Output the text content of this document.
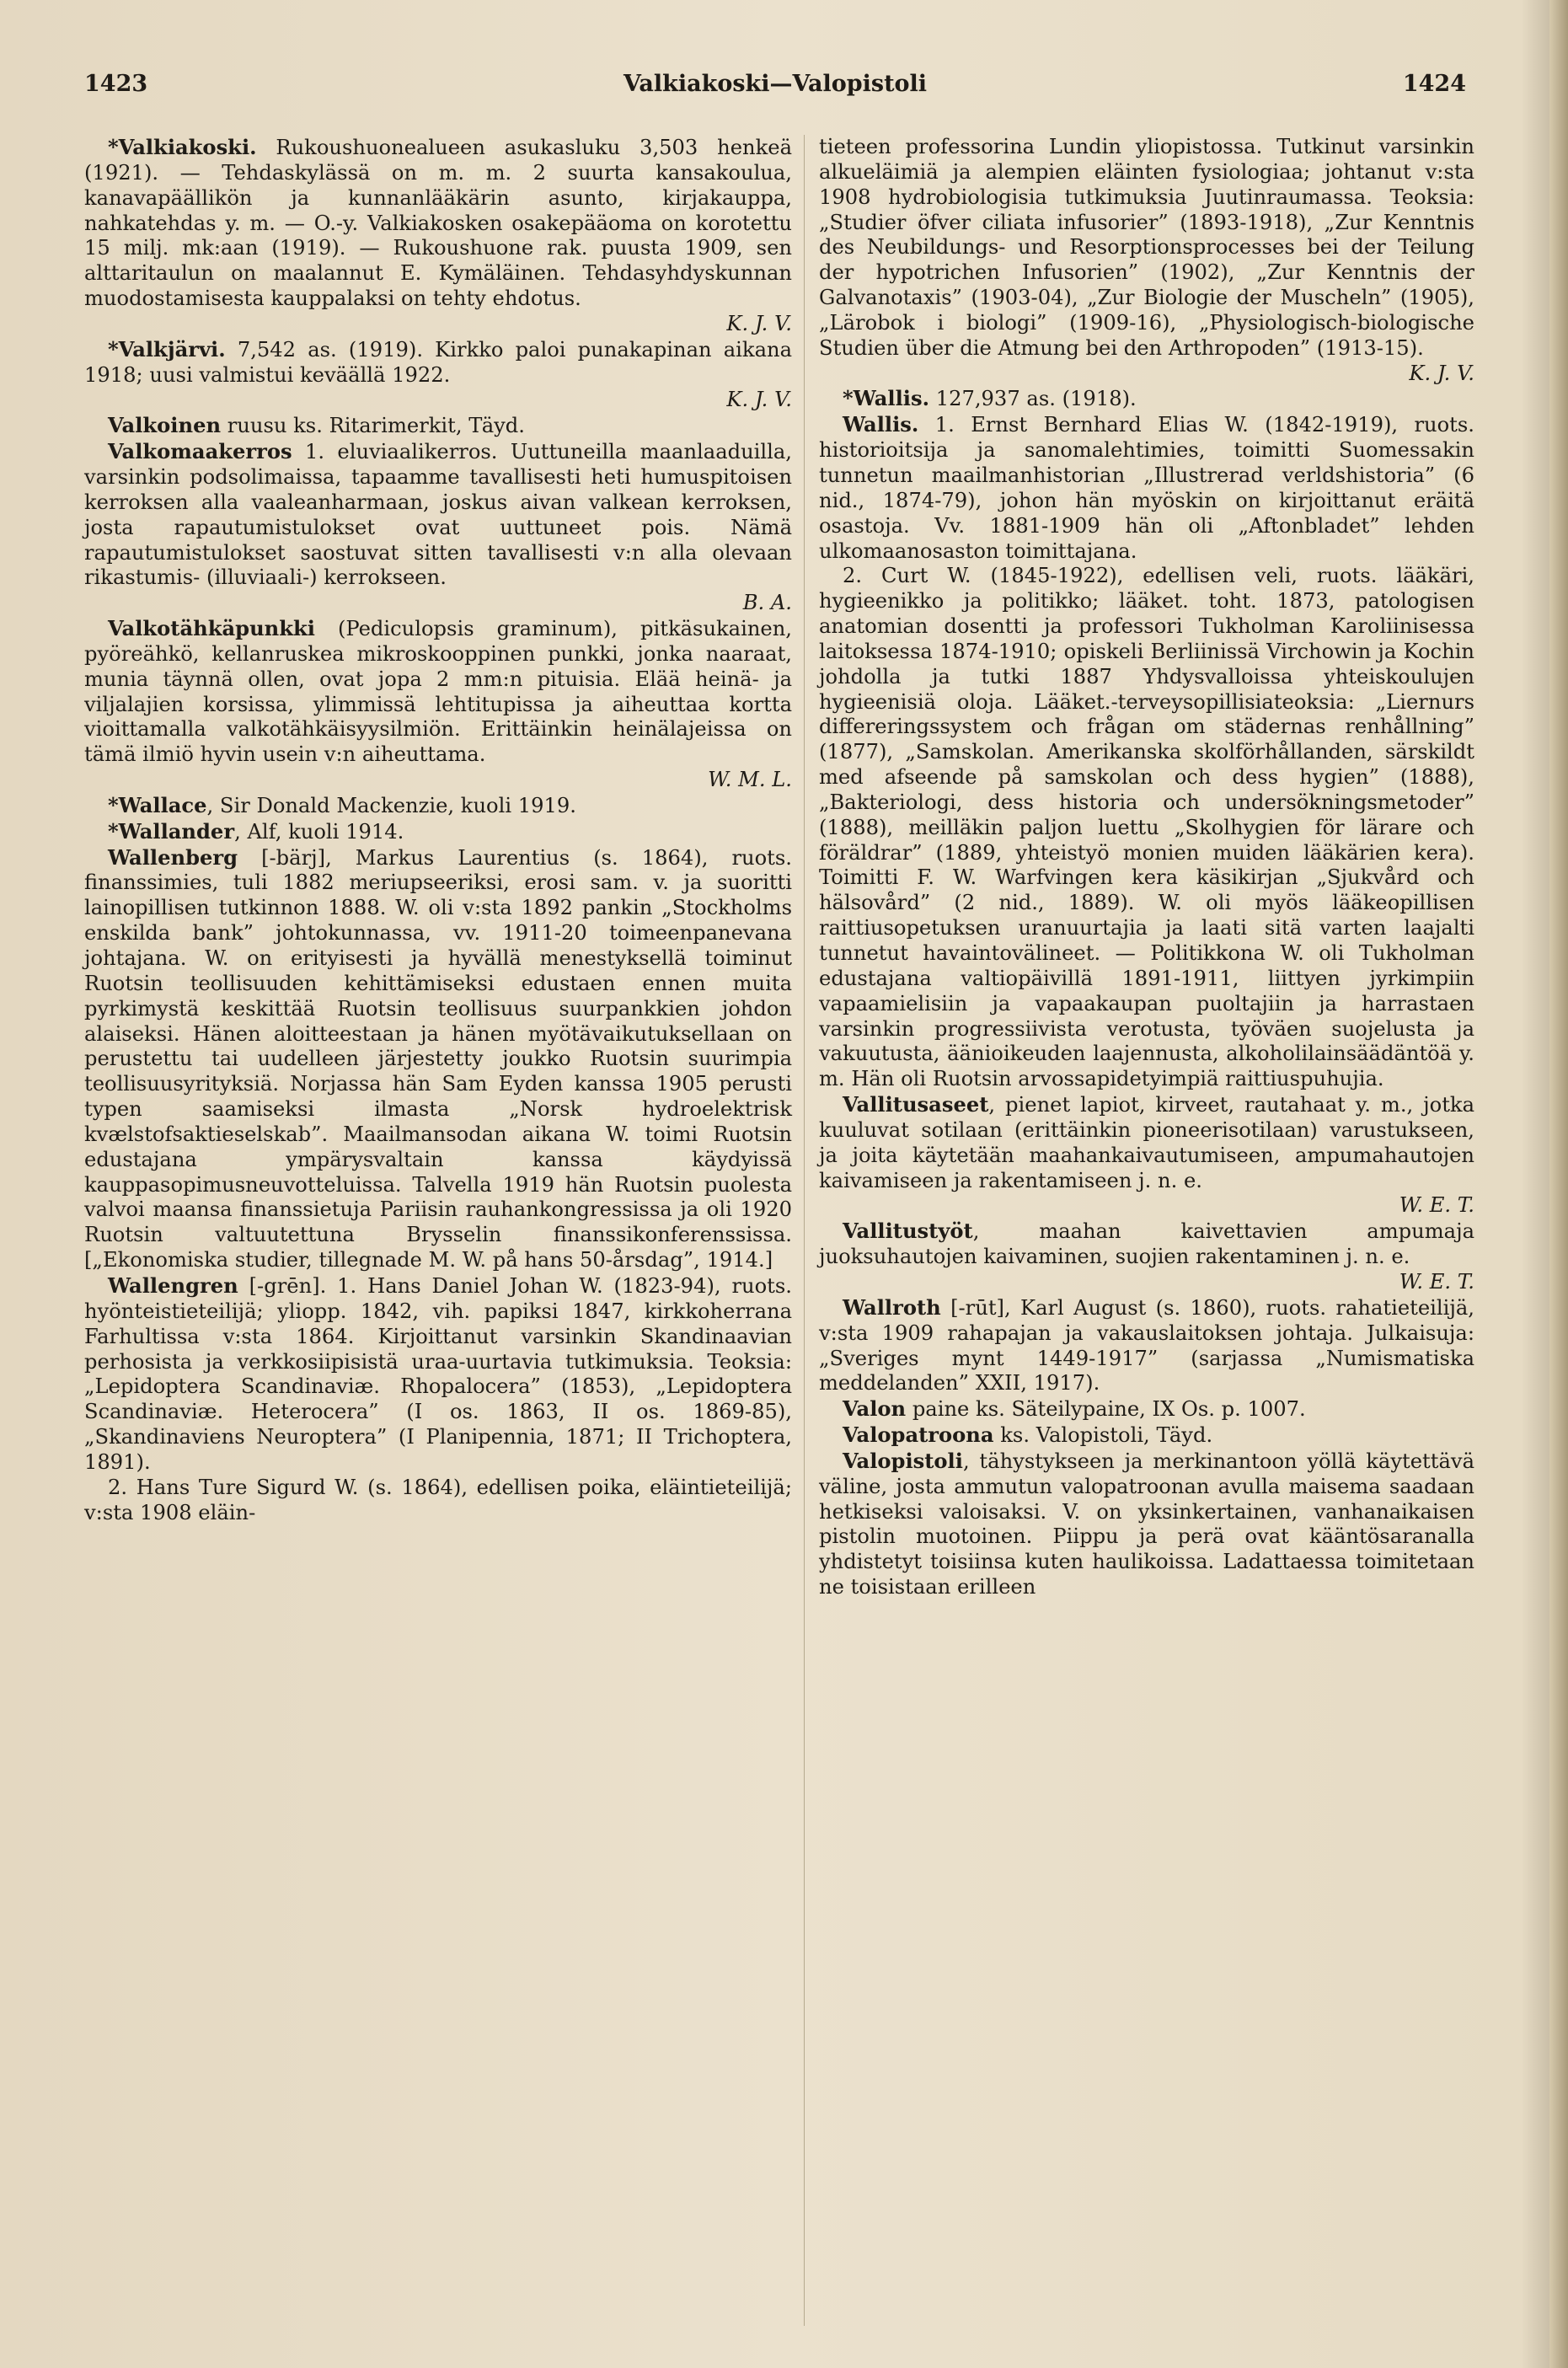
1423	Valkiakoski—Valopistoli	1424

*Valkiakoski. Rukoushuonealueen asukasluku 3,503 henkeä (1921). — Tehdaskylässä on m. m. 2 suurta kansakoulua, kanavapäällikön ja kunnanlääkärin asunto, kirjakauppa, nahkatehdas y. m. — O.-y. Valkiakosken osakepääoma on korotettu 15 milj. mk:aan (1919). — Rukoushuone rak. puusta 1909, sen alttaritaulun on maalannut E. Kymäläinen. Tehdasyhdyskunnan muodostamisesta kauppalaksi on tehty ehdotus.
K. J. V.

*Valkjärvi. 7,542 as. (1919). Kirkko paloi punakapinan aikana 1918; uusi valmistui keväällä 1922.
K. J. V.

Valkoinen ruusu ks. Ritarimerkit, Täyd.

Valkomaakerros 1. eluviaalikerros. Uuttuneilla maanlaaduilla, varsinkin podsolimaissa, tapaamme tavallisesti heti humuspitoisen kerroksen alla vaaleanharmaan, joskus aivan valkean kerroksen, josta rapautumistulokset ovat uuttuneet pois. Nämä rapautumistulokset saostuvat sitten tavallisesti v:n alla olevaan rikastumis- (illuviaali-) kerrokseen.
B. A.

Valkotähkäpunkki (Pediculopsis graminum), pitkäsukainen, pyöreähkö, kellanruskea mikroskooppinen punkki, jonka naaraat, munia täynnä ollen, ovat jopa 2 mm:n pituisia. Elää heinä- ja viljalajien korsissa, ylimmissä lehtitupissa ja aiheuttaa kortta vioittamalla valkotähkäisyysilmiön. Erittäinkin heinälajeissa on tämä ilmiö hyvin usein v:n aiheuttama.
W. M. L.

*Wallace, Sir Donald Mackenzie, kuoli 1919.

*Wallander, Alf, kuoli 1914.

Wallenberg [-bärj], Markus Laurentius (s. 1864), ruots. finanssimies, tuli 1882 meriupseeriksi, erosi sam. v. ja suoritti lainopillisen tutkinnon 1888. W. oli v:sta 1892 pankin „Stockholms enskilda bank” johtokunnassa, vv. 1911-20 toimeenpanevana johtajana. W. on erityisesti ja hyvällä menestyksellä toiminut Ruotsin teollisuuden kehittämiseksi edustaen ennen muita pyrkimystä keskittää Ruotsin teollisuus suurpankkien johdon alaiseksi. Hänen aloitteestaan ja hänen myötävaikutuksellaan on perustettu tai uudelleen järjestetty joukko Ruotsin suurimpia teollisuusyrityksiä. Norjassa hän Sam Eyden kanssa 1905 perusti typen saamiseksi ilmasta „Norsk hydroelektrisk kvælstofsaktieselskab”. Maailmansodan aikana W. toimi Ruotsin edustajana ympärysvaltain kanssa käydyissä kauppasopimusneuvotteluissa. Talvella 1919 hän Ruotsin puolesta valvoi maansa finanssietuja Pariisin rauhankongressissa ja oli 1920 Ruotsin valtuutettuna Brysselin finanssikonferenssissa. [„Ekonomiska studier, tillegnade M. W. på hans 50-årsdag”, 1914.]

Wallengren [-grēn]. 1. Hans Daniel Johan W. (1823-94), ruots. hyönteistieteilijä; yliopp. 1842, vih. papiksi 1847, kirkkoherrana Farhultissa v:sta 1864. Kirjoittanut varsinkin Skandinaavian perhosista ja verkkosiipisistä uraa-uurtavia tutkimuksia. Teoksia: „Lepidoptera Scandinaviæ. Rhopalocera” (1853), „Lepidoptera Scandinaviæ. Heterocera” (I os. 1863, II os. 1869-85), „Skandinaviens Neuroptera” (I Planipennia, 1871; II Trichoptera, 1891).

2. Hans Ture Sigurd W. (s. 1864), edellisen poika, eläintieteilijä; v:sta 1908 eläin-

tieteen professorina Lundin yliopistossa. Tutkinut varsinkin alkueläimiä ja alempien eläinten fysiologiaa; johtanut v:sta 1908 hydrobiologisia tutkimuksia Juutinraumassa. Teoksia: „Studier öfver ciliata infusorier” (1893-1918), „Zur Kenntnis des Neubildungs- und Resorptionsprocesses bei der Teilung der hypotrichen Infusorien” (1902), „Zur Kenntnis der Galvanotaxis” (1903-04), „Zur Biologie der Muscheln” (1905), „Lärobok i biologi” (1909-16), „Physiologisch-biologische Studien über die Atmung bei den Arthropoden” (1913-15).
K. J. V.

*Wallis. 127,937 as. (1918).

Wallis. 1. Ernst Bernhard Elias W. (1842-1919), ruots. historioitsija ja sanomalehtimies, toimitti Suomessakin tunnetun maailmanhistorian „Illustrerad verldshistoria” (6 nid., 1874-79), johon hän myöskin on kirjoittanut eräitä osastoja. Vv. 1881-1909 hän oli „Aftonbladet” lehden ulkomaanosaston toimittajana.

2. Curt W. (1845-1922), edellisen veli, ruots. lääkäri, hygieenikko ja politikko; lääket. toht. 1873, patologisen anatomian dosentti ja professori Tukholman Karoliinisessa laitoksessa 1874-1910; opiskeli Berliinissä Virchowin ja Kochin johdolla ja tutki 1887 Yhdysvalloissa yhteiskoulujen hygieenisiä oloja. Lääket.-terveysopillisiateoksia: „Liernurs differeringssystem och frågan om städernas renhållning” (1877), „Samskolan. Amerikanska skolförhållanden, särskildt med afseende på samskolan och dess hygien” (1888), „Bakteriologi, dess historia och undersökningsmetoder” (1888), meilläkin paljon luettu „Skolhygien för lärare och föräldrar” (1889, yhteistyö monien muiden lääkärien kera). Toimitti F. W. Warfvingen kera käsikirjan „Sjukvård och hälsovård” (2 nid., 1889). W. oli myös lääkeopillisen raittiusopetuksen uranuurtajia ja laati sitä varten laajalti tunnetut havaintovälineet. — Politikkona W. oli Tukholman edustajana valtiopäivillä 1891-1911, liittyen jyrkimpiin vapaamielisiin ja vapaakaupan puoltajiin ja harrastaen varsinkin progressiivista verotusta, työväen suojelusta ja vakuutusta, äänioikeuden laajennusta, alkoholilainsäädäntöä y. m. Hän oli Ruotsin arvossapidetyimpiä raittiuspuhujia.

Vallitusaseet, pienet lapiot, kirveet, rautahaat y. m., jotka kuuluvat sotilaan (erittäinkin pioneerisotilaan) varustukseen, ja joita käytetään maahankaivautumiseen, ampumahautojen kaivamiseen ja rakentamiseen j. n. e.
W. E. T.

Vallitustyöt, maahan kaivettavien ampumaja juoksuhautojen kaivaminen, suojien rakentaminen j. n. e.
W. E. T.

Wallroth [-rūt], Karl August (s. 1860), ruots. rahatieteilijä, v:sta 1909 rahapajan ja vakauslaitoksen johtaja. Julkaisuja: „Sveriges mynt 1449-1917” (sarjassa „Numismatiska meddelanden” XXII, 1917).

Valon paine ks. Säteilypaine, IX Os. p. 1007.

Valopatroona ks. Valopistoli, Täyd.

Valopistoli, tähystykseen ja merkinantoon yöllä käytettävä väline, josta ammutun valopatroonan avulla maisema saadaan hetkiseksi valoisaksi. V. on yksinkertainen, vanhanaikaisen pistolin muotoinen. Piippu ja perä ovat kääntösaranalla yhdistetyt toisiinsa kuten haulikoissa. Ladattaessa toimitetaan ne toisistaan erilleen
